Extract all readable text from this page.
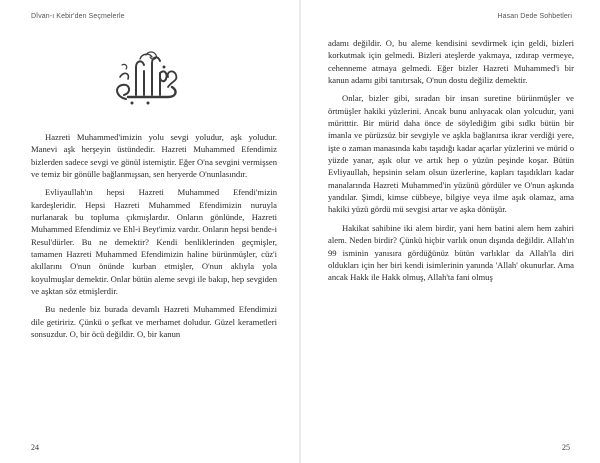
Dîvan-ı Kebir'den Seçmelerle

Hazreti Muhammed'imizin yolu sevgi yoludur, aşk yoludur. Manevi aşk herşeyin üstündedir. Hazreti Muhammed Efendimiz bizlerden sadece sevgi ve gönül istemiştir. Eğer O'na sevgini vermişsen ve temiz bir gönülle bağlanmışsan, sen heryerde O'nunlasındır.

Evliyaullah'ın hepsi Hazreti Muhammed Efendi'mizin kardeşleridir. Hepsi Hazreti Muhammed Efendimizin nuruyla nurlanarak bu topluma çıkmışlardır. Onların gönlünde, Hazreti Muhammed Efendimiz ve Ehl-i Beyt'imiz vardır. Onların hepsi bende-i Resul'dürler. Bu ne demektir? Kendi benliklerinden geçmişler, tamamen Hazreti Muhammed Efendimizin haline bürünmüşler, cüz'i akıllarını O'nun önünde kurban etmişler, O'nun aklıyla yola koyulmuşlar demektir. Onlar bütün aleme sevgi ile bakıp, hep sevgiden ve aşktan söz etmişlerdir.

Bu nedenle biz burada devamlı Hazreti Muhammed Efendimizi dile getiririz. Çünkü o şefkat ve merhamet doludur. Güzel kerametleri sonsuzdur. O, bir öcü değildir. O, bir kanun

24
Hasan Dede Sohbetleri

adamı değildir. O, bu aleme kendisini sevdirmek için geldi, bizleri korkutmak için gelmedi. Bizleri ateşlerde yakmaya, ızdırap vermeye, cehenneme atmaya gelmedi. Eğer bizler Hazreti Muhammed'i bir kanun adamı gibi tanıtırsak, O'nun dostu değiliz demektir.

Onlar, bizler gibi, sıradan bir insan suretine bürünmüşler ve örtmüşler hakiki yüzlerini. Ancak bunu anlıyacak olan yolcudur, yani müritttir. Bir mürid daha önce de söylediğim gibi sıdkı bütün bir imanla ve pürüzsüz bir sevgiyle ve aşkla bağlanırsa ikrar verdiği yere, işte o zaman manasında kabı taşıdığı kadar açarlar yüzlerini ve mürid o yüzde yanar, aşık olur ve artık hep o yüzün peşinde koşar. Bütün Evliyaullah, hepsinin selam olsun üzerlerine, kapları taşıdıkları kadar manalarında Hazreti Muhammed'in yüzünü gördüler ve O'nun aşkında yandılar. Şimdi, kimse cübbeye, bilgiye veya ilme aşık olamaz, ama hakiki yüzü gördü mü sevgisi artar ve aşka dönüşür.

Hakikat sahibine iki alem birdir, yani hem batini alem hem zahiri alem. Neden birdir? Çünkü hiçbir varlık onun dışında değildir. Allah'ın 99 isminin yanısıra gördüğünüz bütün varlıklar da Allah'la diri oldukları için her biri kendi isimlerinin yanında 'Allah' okunurlar. Ama ancak Hakk ile Hakk olmuş, Allah'ta fani olmuş

25
